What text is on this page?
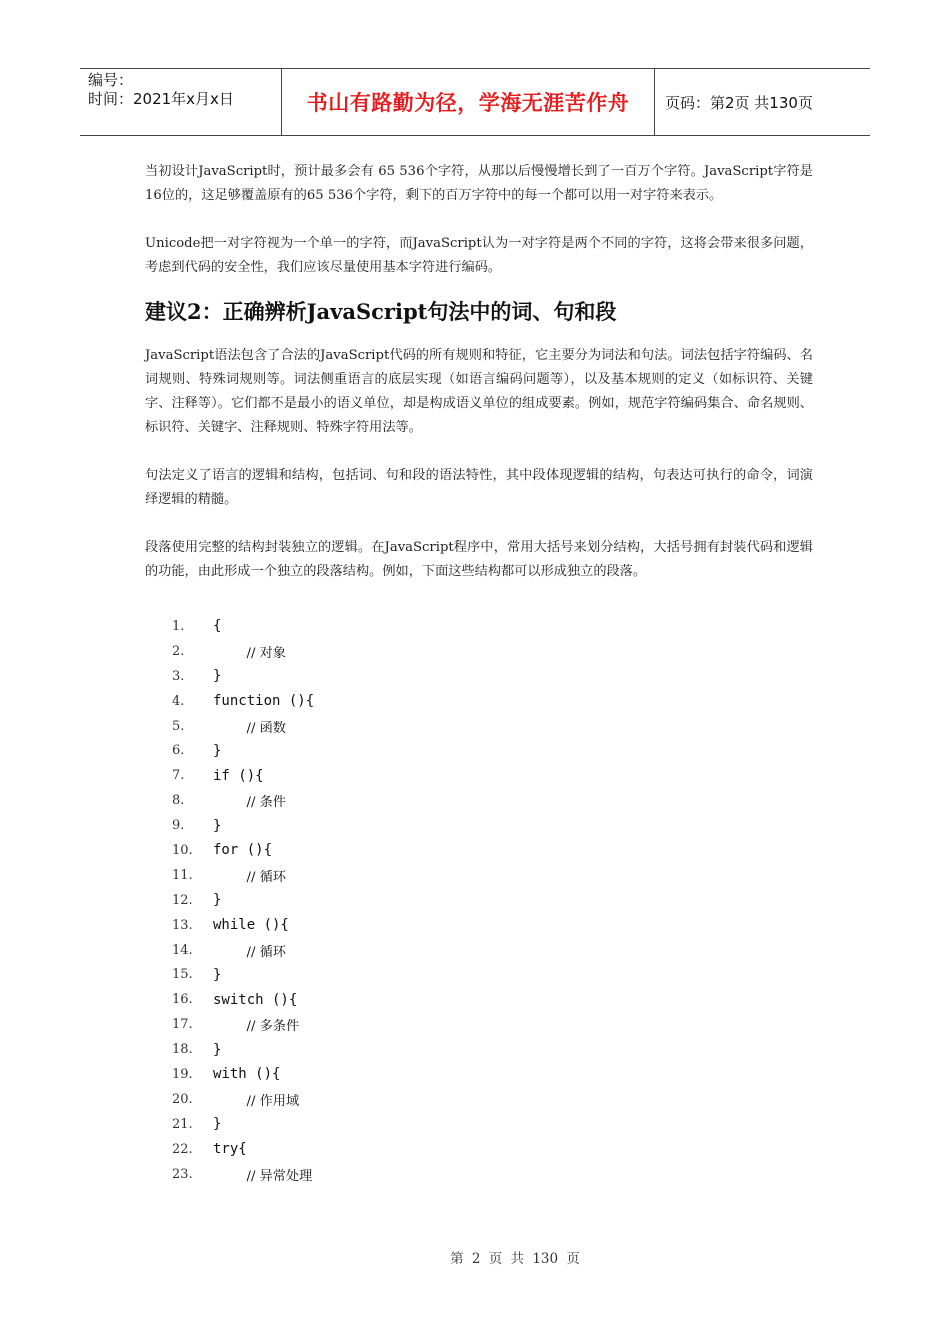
编号：
时间：2021年x月x日	书山有路勤为径，学海无涯苦作舟	页码：第2页 共130页

当初设计JavaScript时，预计最多会有 65 536个字符，从那以后慢慢增长到了一百万个字符。JavaScript字符是16位的，这足够覆盖原有的65 536个字符，剩下的百万字符中的每一个都可以用一对字符来表示。

Unicode把一对字符视为一个单一的字符，而JavaScript认为一对字符是两个不同的字符，这将会带来很多问题，考虑到代码的安全性，我们应该尽量使用基本字符进行编码。

建议2：正确辨析JavaScript句法中的词、句和段

JavaScript语法包含了合法的JavaScript代码的所有规则和特征，它主要分为词法和句法。词法包括字符编码、名词规则、特殊词规则等。词法侧重语言的底层实现（如语言编码问题等），以及基本规则的定义（如标识符、关键字、注释等）。它们都不是最小的语义单位，却是构成语义单位的组成要素。例如，规范字符编码集合、命名规则、标识符、关键字、注释规则、特殊字符用法等。

句法定义了语言的逻辑和结构，包括词、句和段的语法特性，其中段体现逻辑的结构，句表达可执行的命令，词演绎逻辑的精髓。

段落使用完整的结构封装独立的逻辑。在JavaScript程序中，常用大括号来划分结构，大括号拥有封装代码和逻辑的功能，由此形成一个独立的段落结构。例如，下面这些结构都可以形成独立的段落。

1.	{
2.	// 对象
3.	}
4.	function (){
5.	// 函数
6.	}
7.	if (){
8.	// 条件
9.	}
10.	for (){
11.	// 循环
12.	}
13.	while (){
14.	// 循环
15.	}
16.	switch (){
17.	// 多条件
18.	}
19.	with (){
20.	// 作用域
21.	}
22.	try{
23.	// 异常处理
第 2 页 共 130 页
